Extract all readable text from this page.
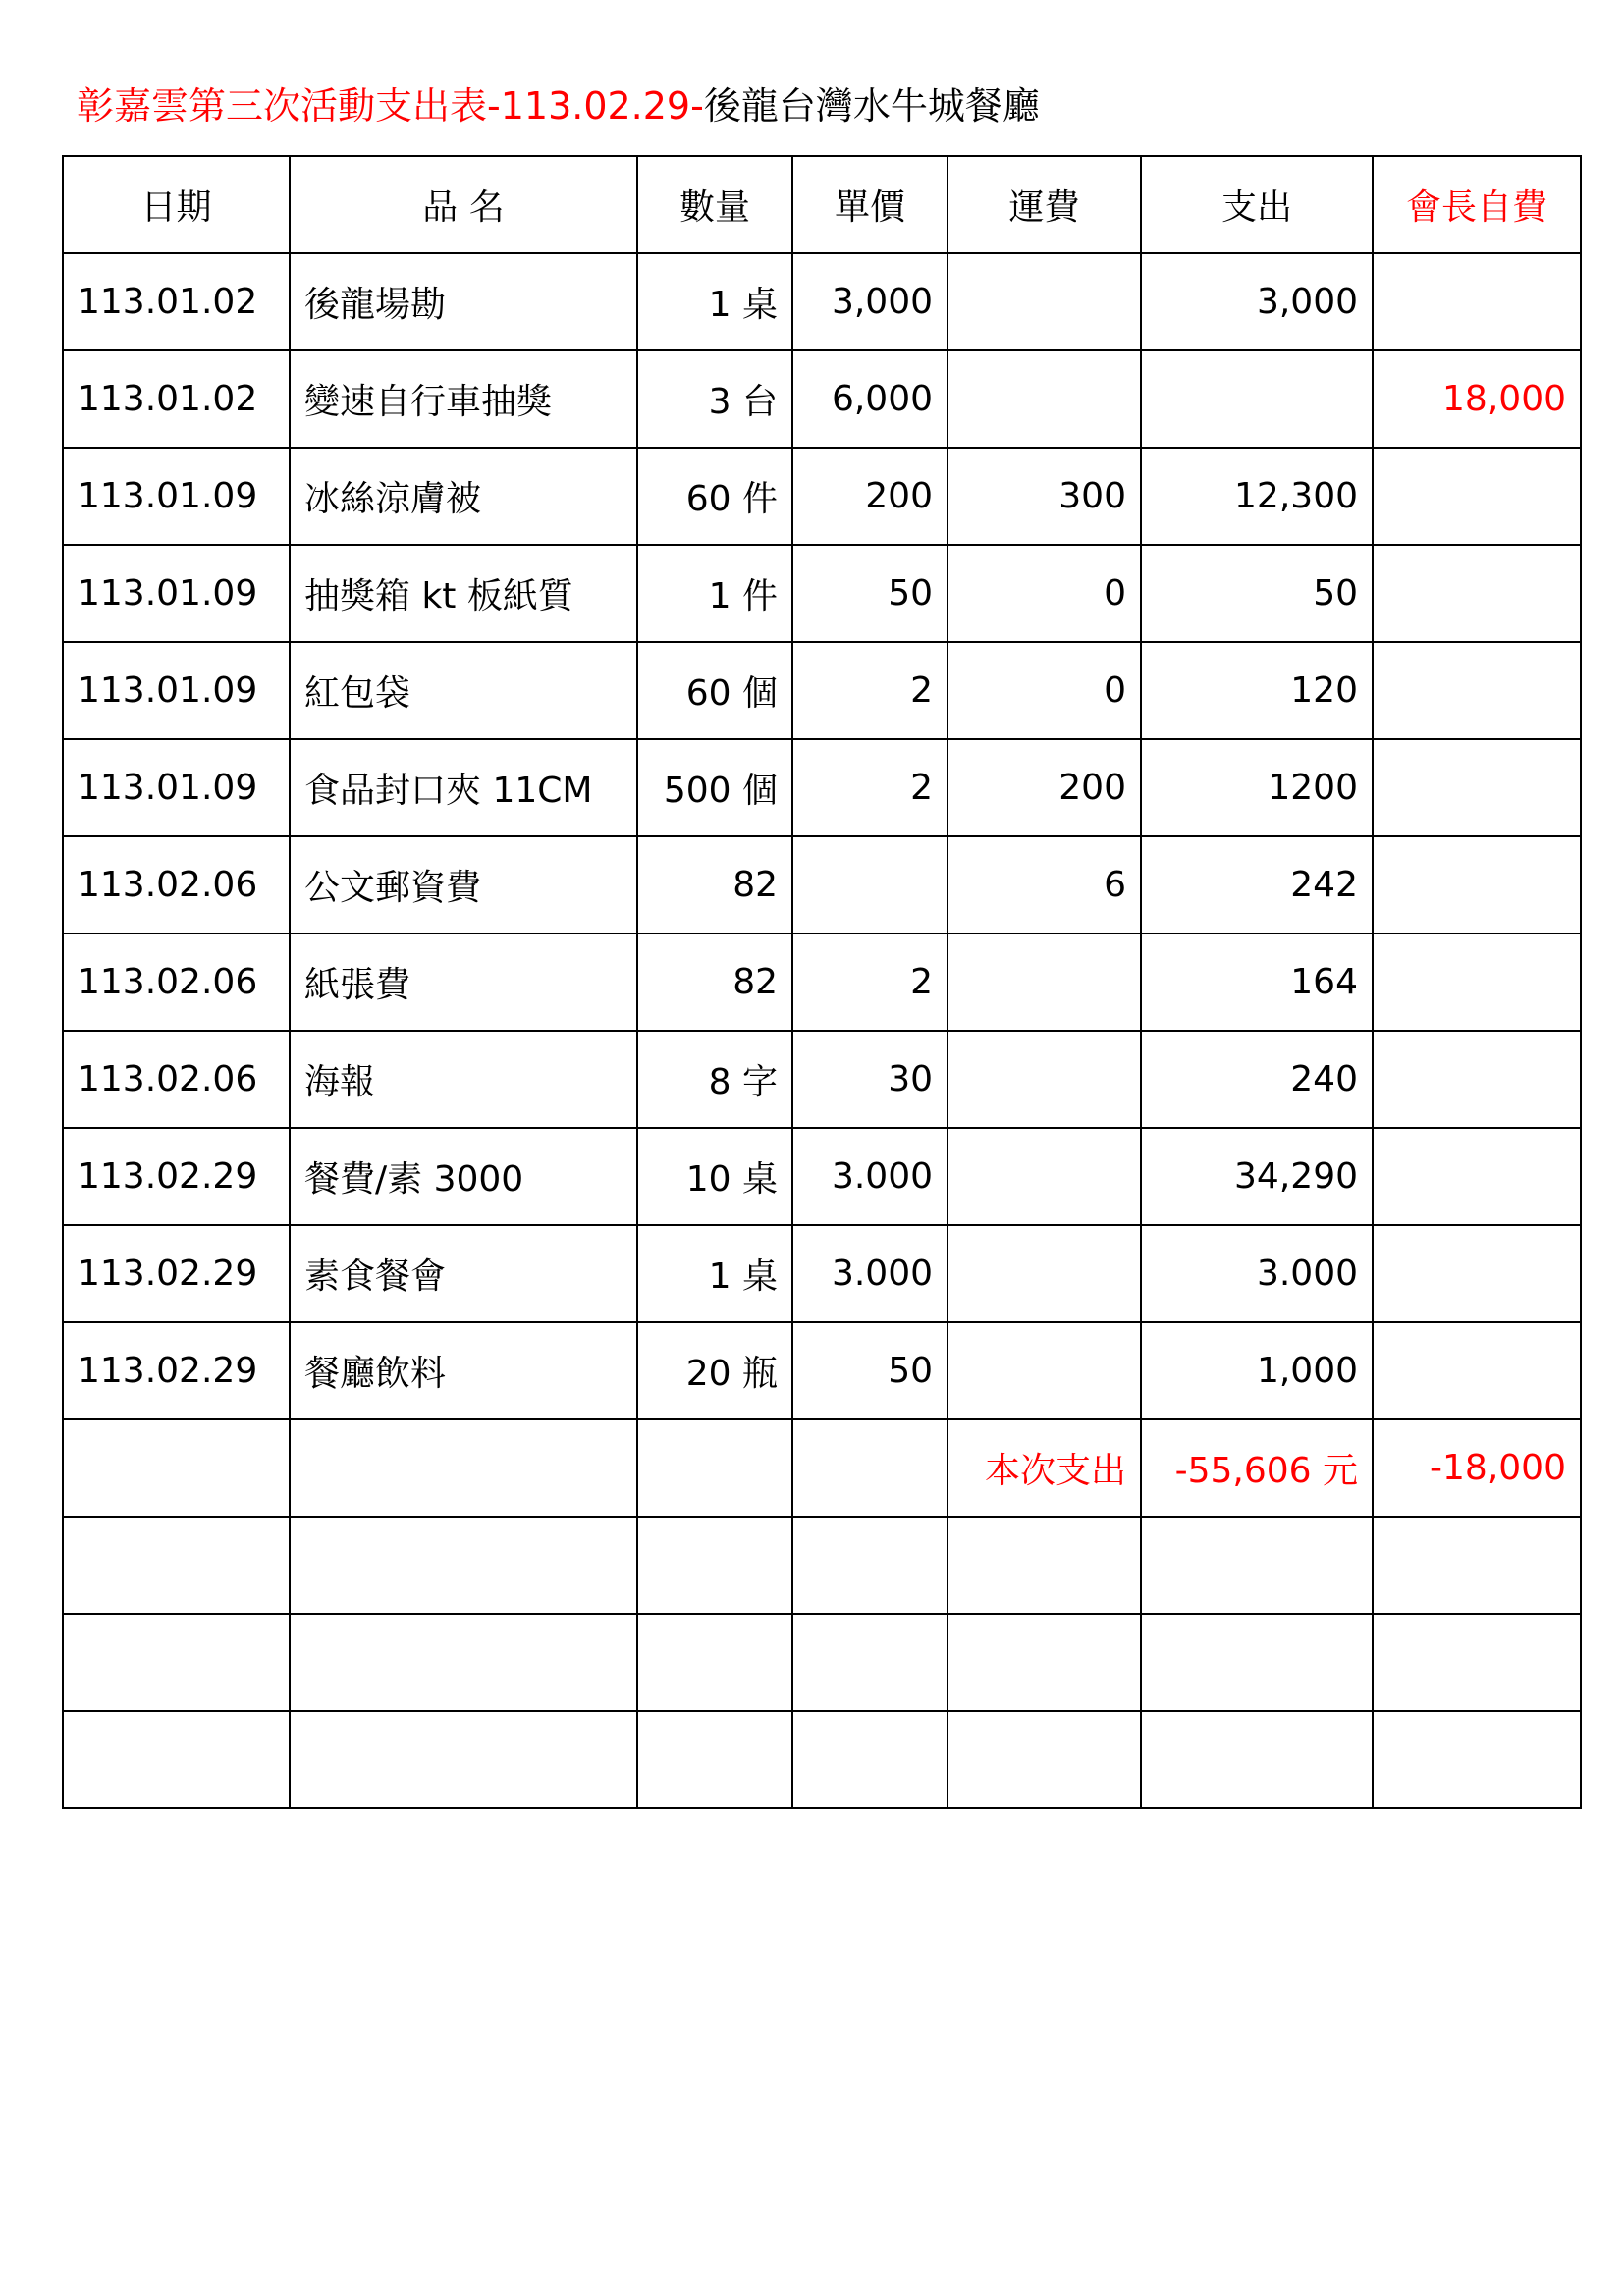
彰嘉雲第三次活動支出表-113.02.29-後龍台灣水牛城餐廳
日期	品 名	數量	單價	運費	支出	會長自費
113.01.02	後龍場勘	1 桌	3,000		3,000	
113.01.02	變速自行車抽獎	3 台	6,000			18,000
113.01.09	冰絲涼膚被	60 件	200	300	12,300	
113.01.09	抽獎箱 kt 板紙質	1 件	50	0	50	
113.01.09	紅包袋	60 個	2	0	120	
113.01.09	食品封口夾 11CM	500 個	2	200	1200	
113.02.06	公文郵資費	82		6	242	
113.02.06	紙張費	82	2		164	
113.02.06	海報	8 字	30		240	
113.02.29	餐費/素 3000	10 桌	3.000		34,290	
113.02.29	素食餐會	1 桌	3.000		3.000	
113.02.29	餐廳飲料	20 瓶	50		1,000	
				本次支出	-55,606 元	-18,000
